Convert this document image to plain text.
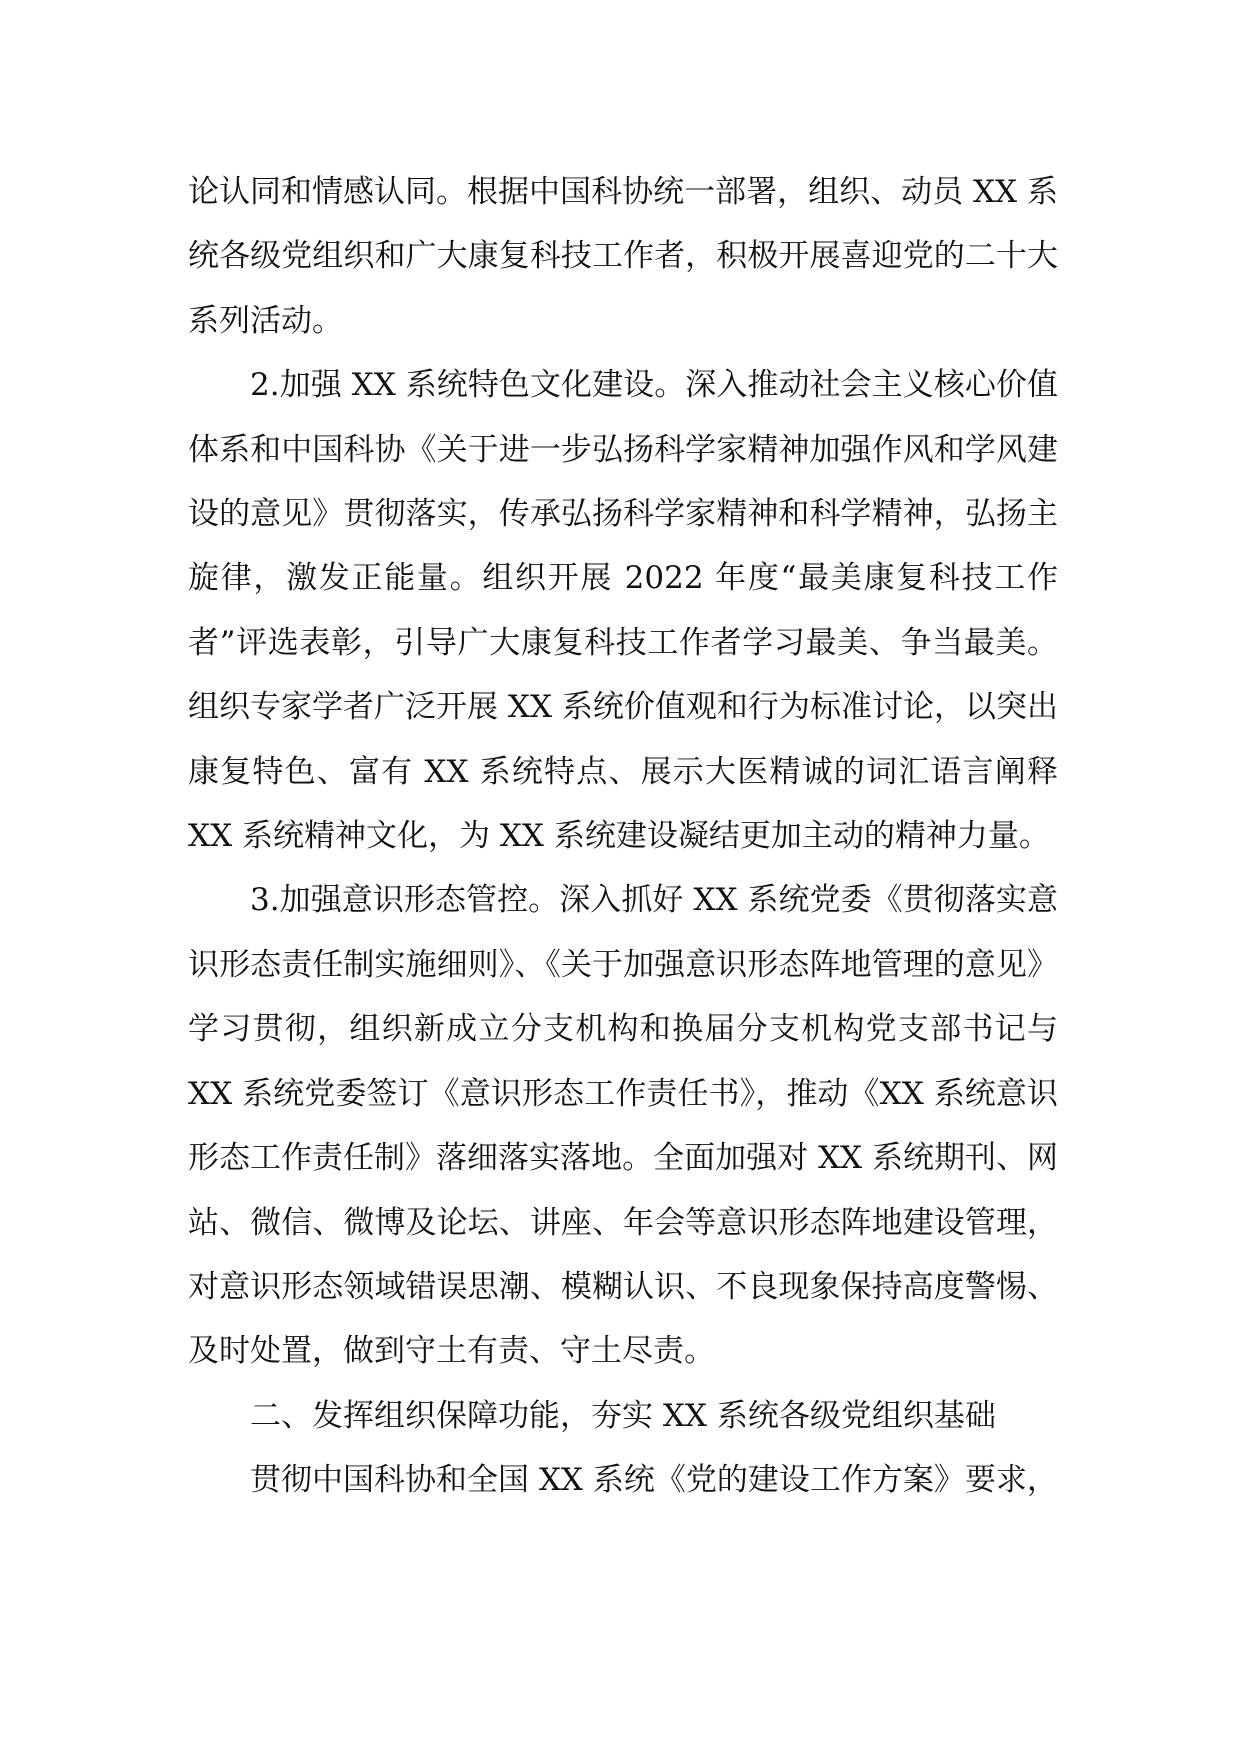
论认同和情感认同。根据中国科协统一部署，组织、动员 XX 系统各级党组织和广大康复科技工作者，积极开展喜迎党的二十大系列活动。

2.加强 XX 系统特色文化建设。深入推动社会主义核心价值体系和中国科协《关于进一步弘扬科学家精神加强作风和学风建设的意见》贯彻落实，传承弘扬科学家精神和科学精神，弘扬主旋律，激发正能量。组织开展 2022 年度“最美康复科技工作者”评选表彰，引导广大康复科技工作者学习最美、争当最美。组织专家学者广泛开展 XX 系统价值观和行为标准讨论，以突出康复特色、富有 XX 系统特点、展示大医精诚的词汇语言阐释 XX 系统精神文化，为 XX 系统建设凝结更加主动的精神力量。

3.加强意识形态管控。深入抓好 XX 系统党委《贯彻落实意识形态责任制实施细则》、《关于加强意识形态阵地管理的意见》学习贯彻，组织新成立分支机构和换届分支机构党支部书记与 XX 系统党委签订《意识形态工作责任书》，推动《XX 系统意识形态工作责任制》落细落实落地。全面加强对 XX 系统期刊、网站、微信、微博及论坛、讲座、年会等意识形态阵地建设管理，对意识形态领域错误思潮、模糊认识、不良现象保持高度警惕、及时处置，做到守土有责、守土尽责。

二、发挥组织保障功能，夯实 XX 系统各级党组织基础

贯彻中国科协和全国 XX 系统《党的建设工作方案》要求，
